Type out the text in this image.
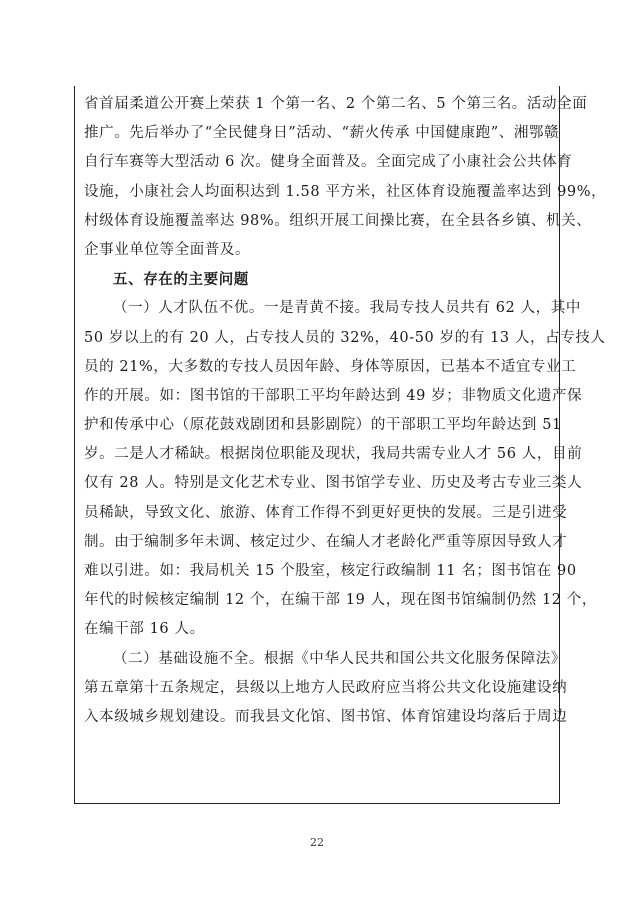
省首届柔道公开赛上荣获 1 个第一名、2 个第二名、5 个第三名。活动全面
推广。先后举办了“全民健身日”活动、“薪火传承 中国健康跑”、湘鄂赣
自行车赛等大型活动 6 次。健身全面普及。全面完成了小康社会公共体育
设施，小康社会人均面积达到 1.58 平方米，社区体育设施覆盖率达到 99%，
村级体育设施覆盖率达 98%。组织开展工间操比赛，在全县各乡镇、机关、
企事业单位等全面普及。
五、存在的主要问题
（一）人才队伍不优。一是青黄不接。我局专技人员共有 62 人，其中
50 岁以上的有 20 人，占专技人员的 32%，40-50 岁的有 13 人，占专技人
员的 21%，大多数的专技人员因年龄、身体等原因，已基本不适宜专业工
作的开展。如：图书馆的干部职工平均年龄达到 49 岁；非物质文化遗产保
护和传承中心（原花鼓戏剧团和县影剧院）的干部职工平均年龄达到 51
岁。二是人才稀缺。根据岗位职能及现状，我局共需专业人才 56 人，目前
仅有 28 人。特别是文化艺术专业、图书馆学专业、历史及考古专业三类人
员稀缺，导致文化、旅游、体育工作得不到更好更快的发展。三是引进受
制。由于编制多年未调、核定过少、在编人才老龄化严重等原因导致人才
难以引进。如：我局机关 15 个股室，核定行政编制 11 名；图书馆在 90
年代的时候核定编制 12 个，在编干部 19 人，现在图书馆编制仍然 12 个，
在编干部 16 人。
（二）基础设施不全。根据《中华人民共和国公共文化服务保障法》
第五章第十五条规定，县级以上地方人民政府应当将公共文化设施建设纳
入本级城乡规划建设。而我县文化馆、图书馆、体育馆建设均落后于周边
22
